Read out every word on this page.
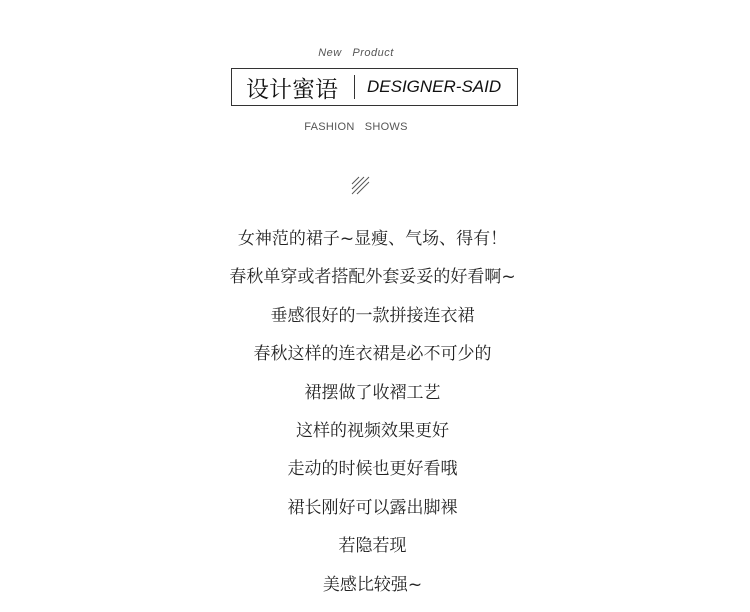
New   Product
设计蜜语 DESIGNER-SAID
FASHION   SHOWS
女神范的裙子~显瘦、气场、得有！
春秋单穿或者搭配外套妥妥的好看啊~
垂感很好的一款拼接连衣裙
春秋这样的连衣裙是必不可少的
裙摆做了收褶工艺
这样的视频效果更好
走动的时候也更好看哦
裙长刚好可以露出脚裸
若隐若现
美感比较强~
